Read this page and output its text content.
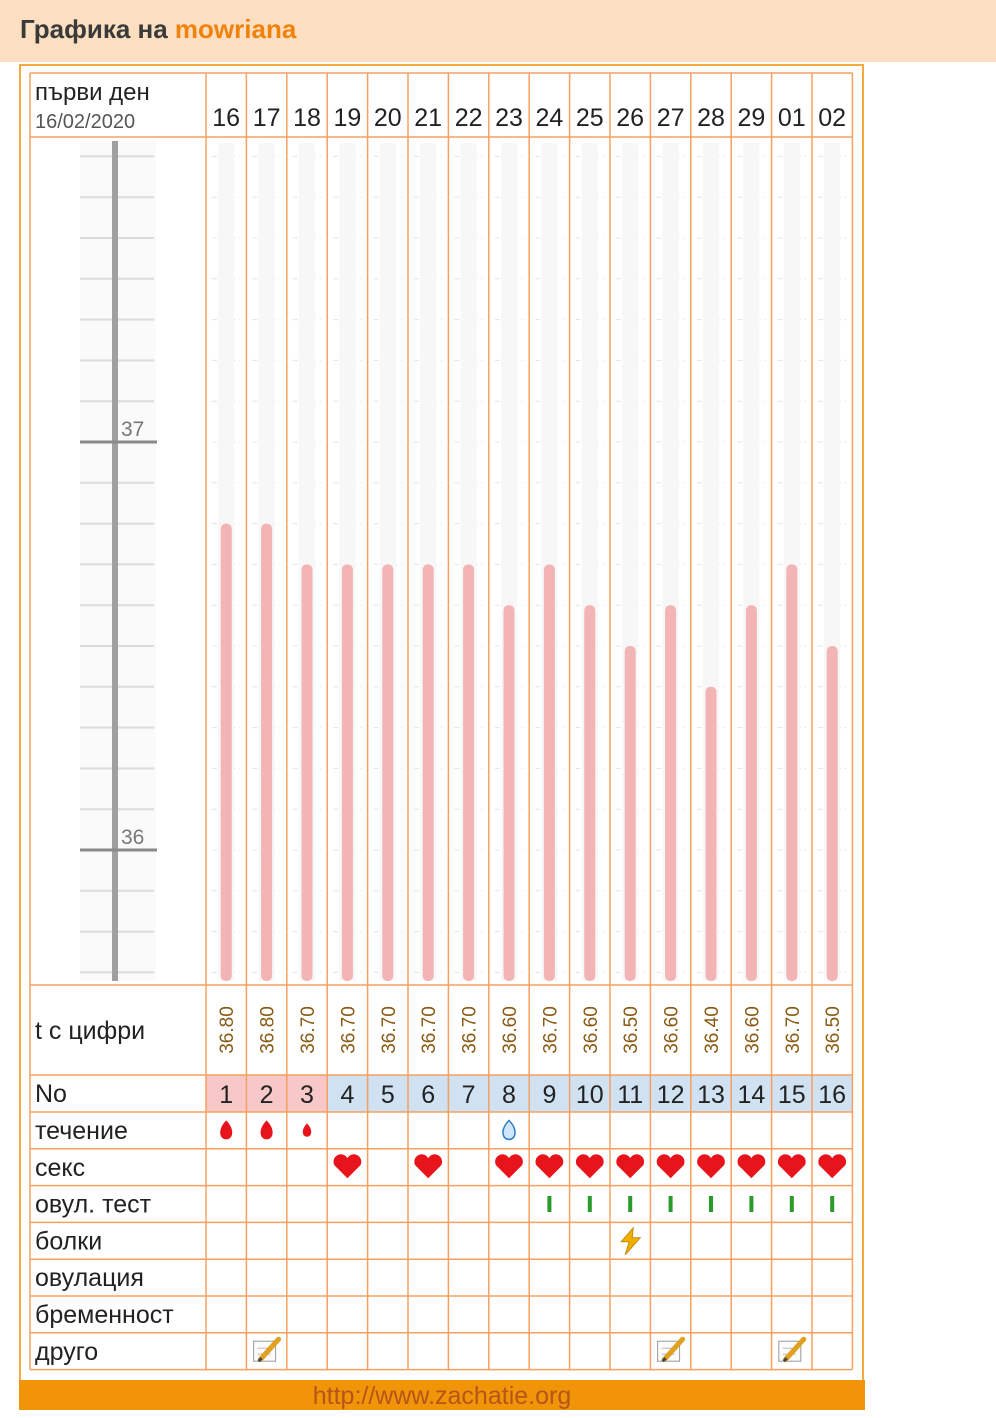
Графика на mowriana
37
36
първи ден
16/02/2020	16 17 18 19 20 21 22 23 24 25 26 27 28 29 01 02
t с цифри	36.80 36.80 36.70 36.70 36.70 36.70 36.70 36.60 36.70 36.60 36.50 36.60 36.40 36.60 36.70 36.50
No	1 2 3 4 5 6 7 8 9 10 11 12 13 14 15 16
течение
секс
овул. тест
болки
овулация
бременност
друго
http://www.zachatie.org
